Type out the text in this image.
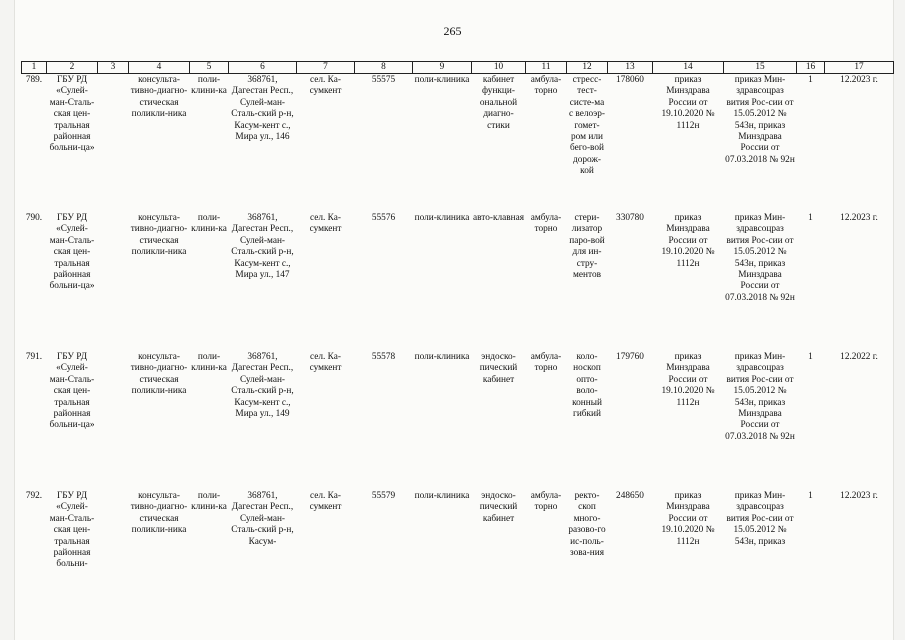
265
1	2	3	4	5	6	7	8	9	10	11	12	13	14	15	16	17
789.	ГБУ РД «Сулей-ман-Сталь-ская цен-тральная районная больни-ца»		консульта-тивно-диагно-стическая поликли-ника	поли-клини-ка	368761, Дагестан Респ., Сулей-ман-Сталь-ский р-н, Касум-кент с., Мира ул., 146	сел. Ка-сумкент	55575	поли-клиника	кабинет функци-ональной диагно-стики	амбула-торно	стресс-тест-систе-ма с велоэр-гомет-ром или бего-вой дорож-кой	178060	приказ Минздрава России от 19.10.2020 № 1112н	приказ Мин-здравсоцраз вития Рос-сии от 15.05.2012 № 543н, приказ Минздрава России от 07.03.2018 № 92н	1	12.2023 г.
790.	ГБУ РД «Сулей-ман-Сталь-ская цен-тральная районная больни-ца»		консульта-тивно-диагно-стическая поликли-ника	поли-клини-ка	368761, Дагестан Респ., Сулей-ман-Сталь-ский р-н, Касум-кент с., Мира ул., 147	сел. Ка-сумкент	55576	поли-клиника	авто-клавная	амбула-торно	стери-лизатор паро-вой для ин-стру-ментов	330780	приказ Минздрава России от 19.10.2020 № 1112н	приказ Мин-здравсоцраз вития Рос-сии от 15.05.2012 № 543н, приказ Минздрава России от 07.03.2018 № 92н	1	12.2023 г.
791.	ГБУ РД «Сулей-ман-Сталь-ская цен-тральная районная больни-ца»		консульта-тивно-диагно-стическая поликли-ника	поли-клини-ка	368761, Дагестан Респ., Сулей-ман-Сталь-ский р-н, Касум-кент с., Мира ул., 149	сел. Ка-сумкент	55578	поли-клиника	эндоско-пический кабинет	амбула-торно	коло-носкоп опто-воло-конный гибкий	179760	приказ Минздрава России от 19.10.2020 № 1112н	приказ Мин-здравсоцраз вития Рос-сии от 15.05.2012 № 543н, приказ Минздрава России от 07.03.2018 № 92н	1	12.2022 г.
792.	ГБУ РД «Сулей-ман-Сталь-ская цен-тральная районная больни-		консульта-тивно-диагно-стическая поликли-ника	поли-клини-ка	368761, Дагестан Респ., Сулей-ман-Сталь-ский р-н, Касум-	сел. Ка-сумкент	55579	поли-клиника	эндоско-пический кабинет	амбула-торно	ректо-скоп много-разово-го ис-поль-зова-ния	248650	приказ Минздрава России от 19.10.2020 № 1112н	приказ Мин-здравсоцраз вития Рос-сии от 15.05.2012 № 543н, приказ	1	12.2023 г.
